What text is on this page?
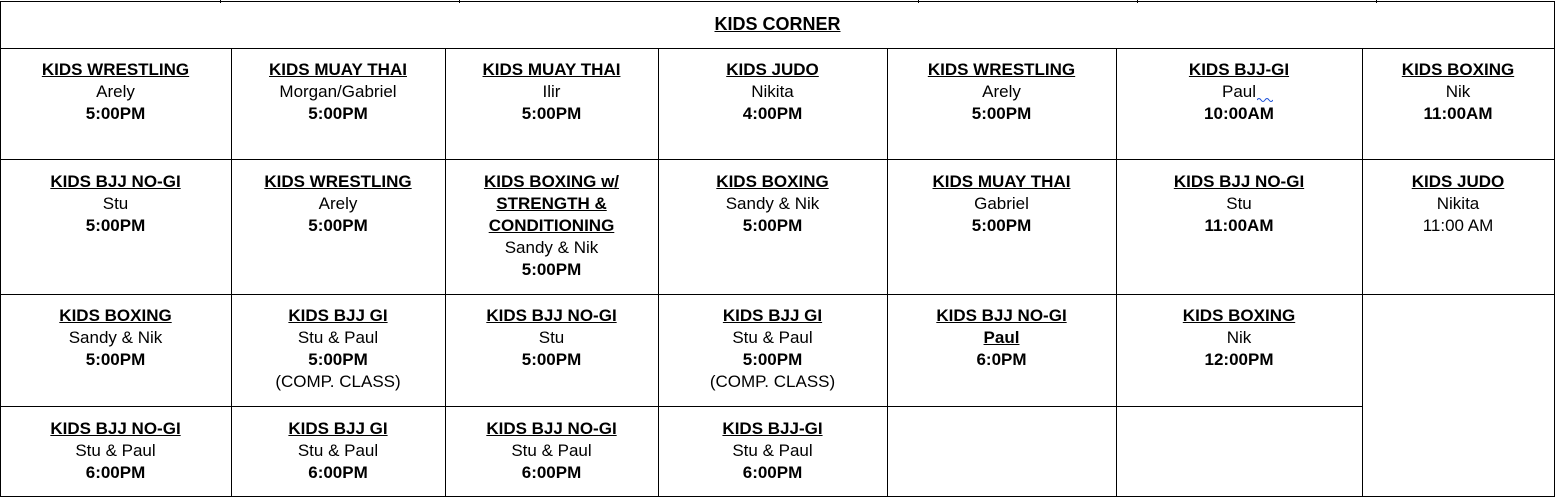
KIDS CORNER
KIDS WRESTLING
Arely
5:00PM
KIDS MUAY THAI
Morgan/Gabriel
5:00PM
KIDS MUAY THAI
Ilir
5:00PM
KIDS JUDO
Nikita
4:00PM
KIDS WRESTLING
Arely
5:00PM
KIDS BJJ-GI
Paul
10:00AM
KIDS BOXING
Nik
11:00AM
KIDS BJJ NO-GI
Stu
5:00PM
KIDS WRESTLING
Arely
5:00PM
KIDS BOXING w/
STRENGTH &
CONDITIONING
Sandy & Nik
5:00PM
KIDS BOXING
Sandy & Nik
5:00PM
KIDS MUAY THAI
Gabriel
5:00PM
KIDS BJJ NO-GI
Stu
11:00AM
KIDS JUDO
Nikita
11:00 AM
KIDS BOXING
Sandy & Nik
5:00PM
KIDS BJJ GI
Stu & Paul
5:00PM
(COMP. CLASS)
KIDS BJJ NO-GI
Stu
5:00PM
KIDS BJJ GI
Stu & Paul
5:00PM
(COMP. CLASS)
KIDS BJJ NO-GI
Paul
6:0PM
KIDS BOXING
Nik
12:00PM
KIDS BJJ NO-GI
Stu & Paul
6:00PM
KIDS BJJ GI
Stu & Paul
6:00PM
KIDS BJJ NO-GI
Stu & Paul
6:00PM
KIDS BJJ-GI
Stu & Paul
6:00PM
